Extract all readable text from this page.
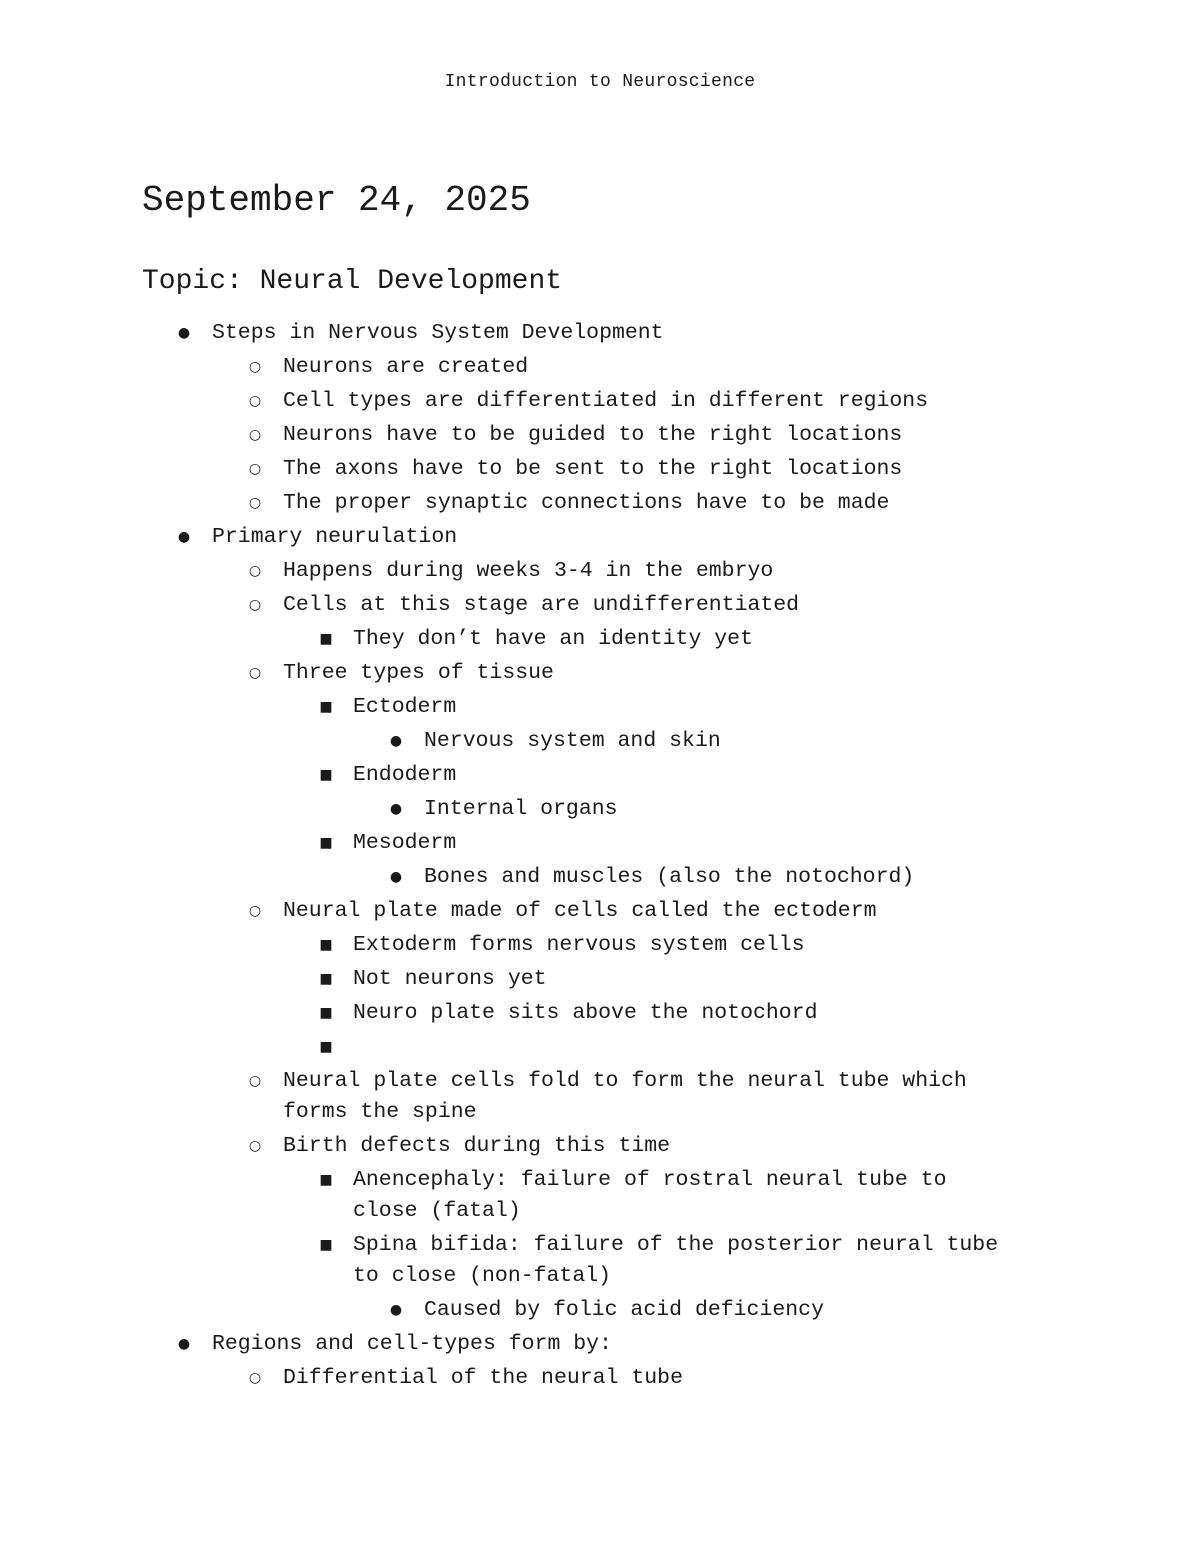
Introduction to Neuroscience
September 24, 2025
Topic: Neural Development
● Steps in Nervous System Development
○ Neurons are created
○ Cell types are differentiated in different regions
○ Neurons have to be guided to the right locations
○ The axons have to be sent to the right locations
○ The proper synaptic connections have to be made
● Primary neurulation
○ Happens during weeks 3-4 in the embryo
○ Cells at this stage are undifferentiated
■ They don’t have an identity yet
○ Three types of tissue
■ Ectoderm
● Nervous system and skin
■ Endoderm
● Internal organs
■ Mesoderm
● Bones and muscles (also the notochord)
○ Neural plate made of cells called the ectoderm
■ Extoderm forms nervous system cells
■ Not neurons yet
■ Neuro plate sits above the notochord
■

○ Neural plate cells fold to form the neural tube which forms the spine
○ Birth defects during this time
■ Anencephaly: failure of rostral neural tube to close (fatal)
■ Spina bifida: failure of the posterior neural tube to close (non-fatal)
● Caused by folic acid deficiency
● Regions and cell-types form by:
○ Differential of the neural tube
